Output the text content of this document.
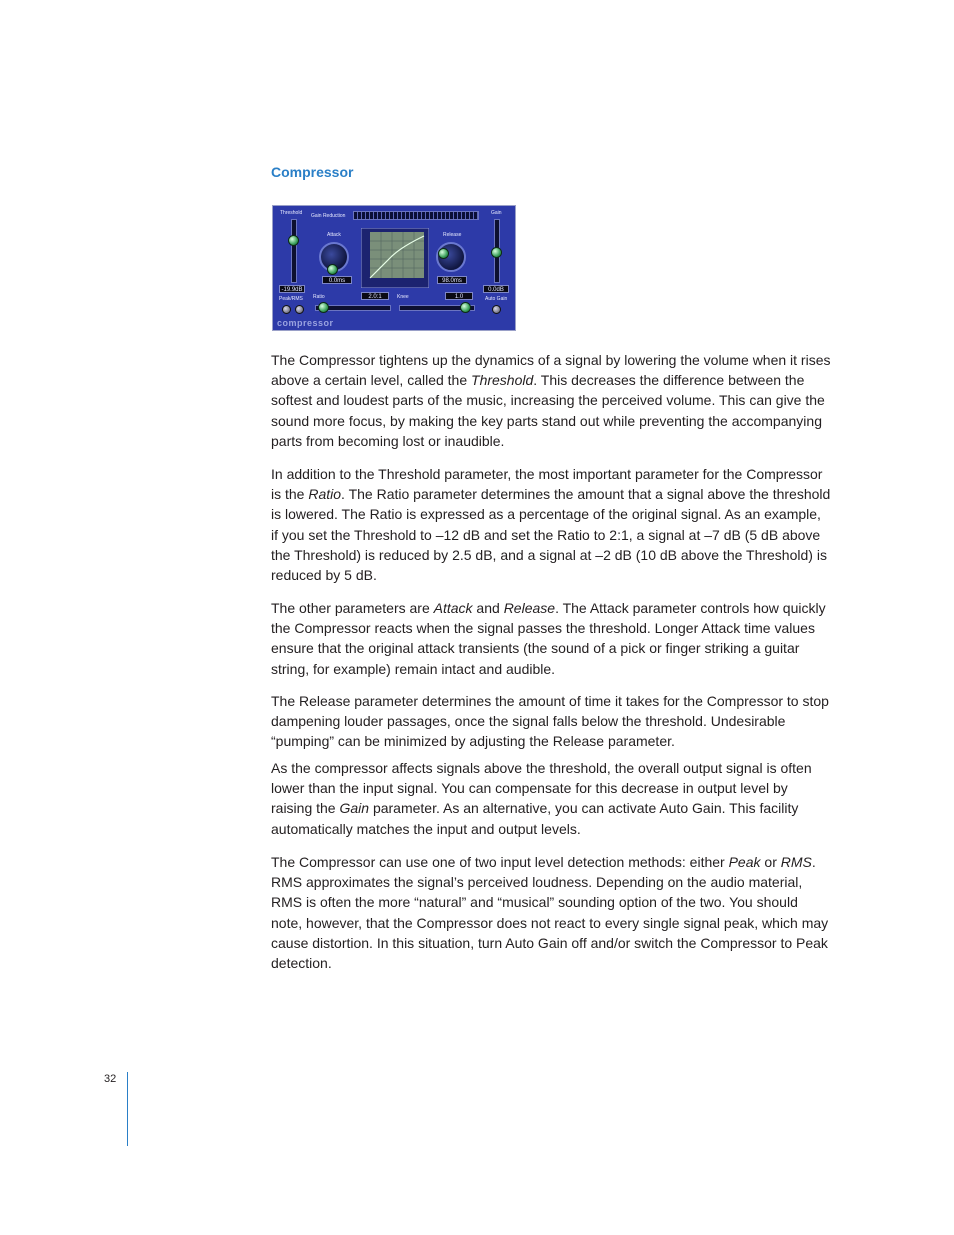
Compressor
Threshold
-19.9dB
Gain Reduction
Attack
0.0ms
Release
98.0ms
Gain
0.0dB
Peak/RMS Ratio	2.0:1	Knee	1.0	Auto Gain
compressor
The Compressor tightens up the dynamics of a signal by lowering the volume when it rises above a certain level, called the Threshold. This decreases the difference between the softest and loudest parts of the music, increasing the perceived volume. This can give the sound more focus, by making the key parts stand out while preventing the accompanying parts from becoming lost or inaudible.
In addition to the Threshold parameter, the most important parameter for the Compressor is the Ratio. The Ratio parameter determines the amount that a signal above the threshold is lowered. The Ratio is expressed as a percentage of the original signal. As an example, if you set the Threshold to –12 dB and set the Ratio to 2:1, a signal at –7 dB (5 dB above the Threshold) is reduced by 2.5 dB, and a signal at –2 dB (10 dB above the Threshold) is reduced by 5 dB.
The other parameters are Attack and Release. The Attack parameter controls how quickly the Compressor reacts when the signal passes the threshold. Longer Attack time values ensure that the original attack transients (the sound of a pick or finger striking a guitar string, for example) remain intact and audible.
The Release parameter determines the amount of time it takes for the Compressor to stop dampening louder passages, once the signal falls below the threshold. Undesirable “pumping” can be minimized by adjusting the Release parameter.
As the compressor affects signals above the threshold, the overall output signal is often lower than the input signal. You can compensate for this decrease in output level by raising the Gain parameter. As an alternative, you can activate Auto Gain. This facility automatically matches the input and output levels.
The Compressor can use one of two input level detection methods: either Peak or RMS. RMS approximates the signal’s perceived loudness. Depending on the audio material, RMS is often the more “natural” and “musical” sounding option of the two. You should note, however, that the Compressor does not react to every single signal peak, which may cause distortion. In this situation, turn Auto Gain off and/or switch the Compressor to Peak detection.
32
